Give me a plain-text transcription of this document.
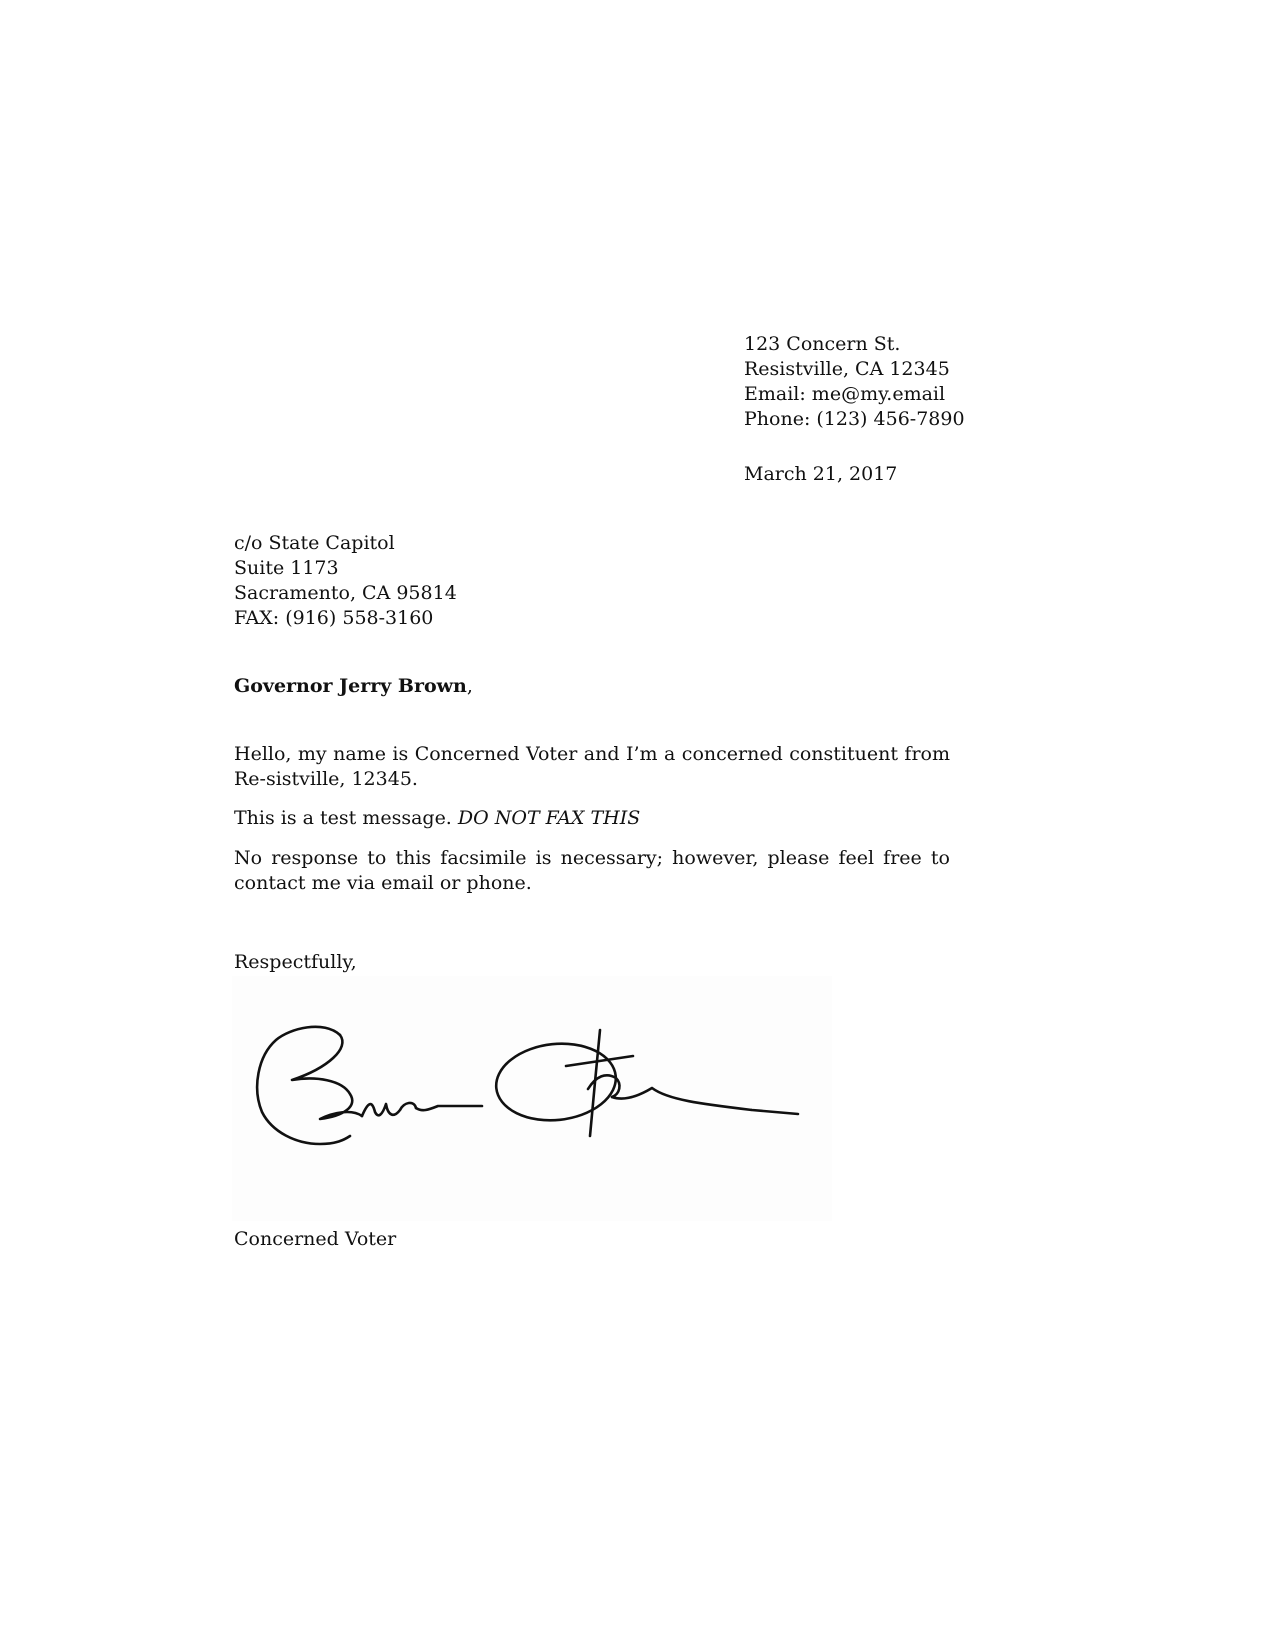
123 Concern St.
Resistville, CA 12345
Email: me@my.email
Phone: (123) 456-7890
March 21, 2017
c/o State Capitol
Suite 1173
Sacramento, CA 95814
FAX: (916) 558-3160
Governor Jerry Brown,
Hello, my name is Concerned Voter and I’m a concerned constituent from Re-sistville, 12345.
This is a test message. DO NOT FAX THIS
No response to this facsimile is necessary; however, please feel free to contact me via email or phone.
Respectfully,
Concerned Voter
